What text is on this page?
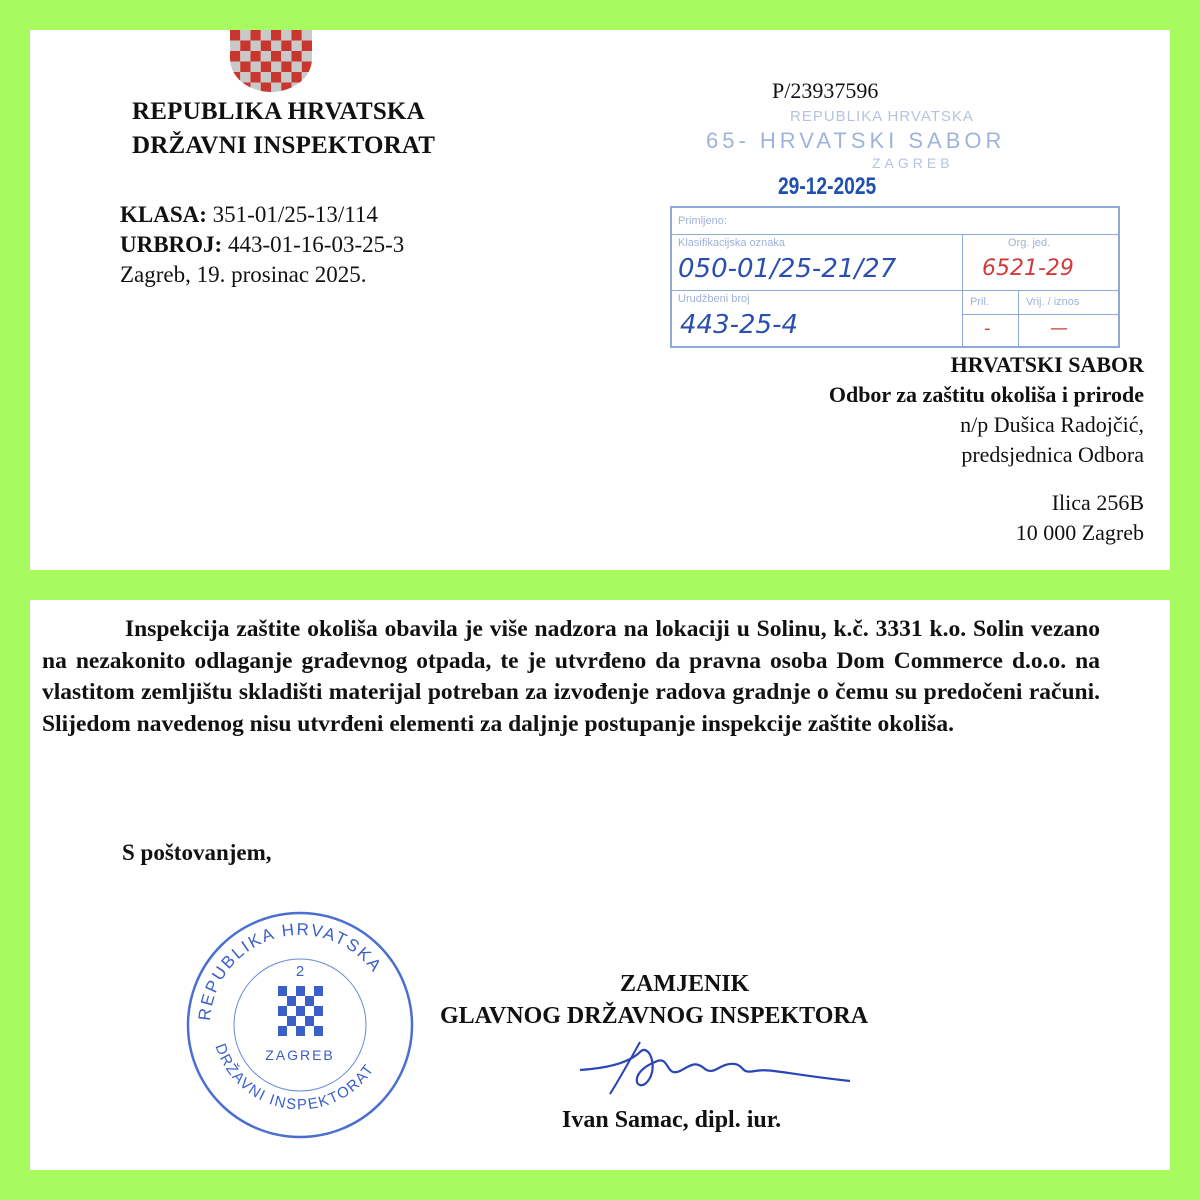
REPUBLIKA HRVATSKA
DRŽAVNI INSPEKTORAT
KLASA: 351-01/25-13/114
URBROJ: 443-01-16-03-25-3
Zagreb, 19. prosinac 2025.
P/23937596
REPUBLIKA HRVATSKA
65- HRVATSKI SABOR
ZAGREB
29-12-2025
Primljeno:
Klasifikacijska oznaka
050-01/25-21/27
Urudžbeni broj
443-25-4
Org. jed.
6521-29
Pril.	Vrij. / iznos
-	—
HRVATSKI SABOR
Odbor za zaštitu okoliša i prirode
n/p Dušica Radojčić,
predsjednica Odbora
Ilica 256B
10 000 Zagreb
Inspekcija zaštite okoliša obavila je više nadzora na lokaciji u Solinu, k.č. 3331 k.o. Solin vezano na nezakonito odlaganje građevnog otpada, te je utvrđeno da pravna osoba Dom Commerce d.o.o. na vlastitom zemljištu skladišti materijal potreban za izvođenje radova gradnje o čemu su predočeni računi. Slijedom navedenog nisu utvrđeni elementi za daljnje postupanje inspekcije zaštite okoliša.
S poštovanjem,
REPUBLIKA HRVATSKA
DRŽAVNI INSPEKTORAT
2
ZAGREB
ZAMJENIK
GLAVNOG DRŽAVNOG INSPEKTORA
Ivan Samac, dipl. iur.
